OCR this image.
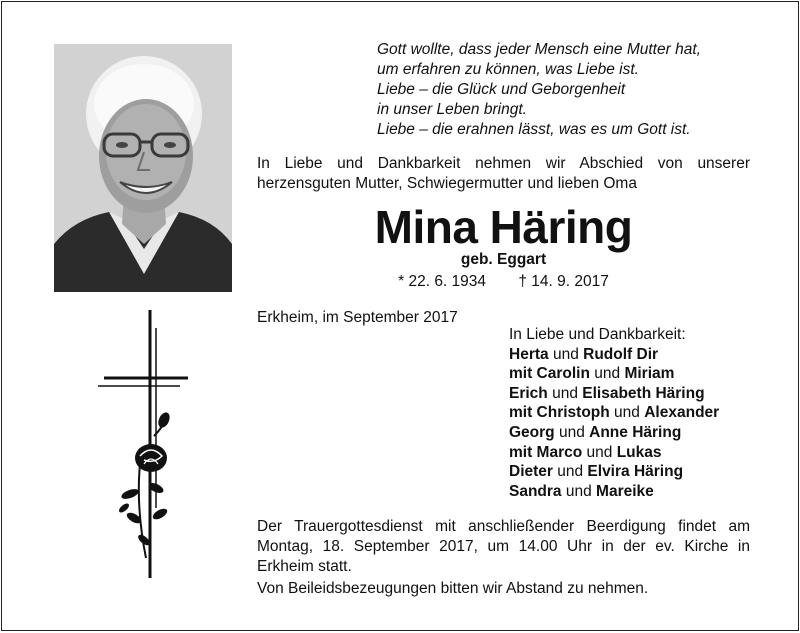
Gott wollte, dass jeder Mensch eine Mutter hat,
um erfahren zu können, was Liebe ist.
Liebe – die Glück und Geborgenheit
in unser Leben bringt.
Liebe – die erahnen lässt, was es um Gott ist.
In Liebe und Dankbarkeit nehmen wir Abschied von unserer herzensguten Mutter, Schwiegermutter und lieben Oma
Mina Häring
geb. Eggart
* 22. 6. 1934 † 14. 9. 2017
Erkheim, im September 2017
In Liebe und Dankbarkeit:
Herta und Rudolf Dir
mit Carolin und Miriam
Erich und Elisabeth Häring
mit Christoph und Alexander
Georg und Anne Häring
mit Marco und Lukas
Dieter und Elvira Häring
Sandra und Mareike
Der Trauergottesdienst mit anschließender Beerdigung findet am Montag, 18. September 2017, um 14.00 Uhr in der ev. Kirche in Erkheim statt.
Von Beileidsbezeugungen bitten wir Abstand zu nehmen.
